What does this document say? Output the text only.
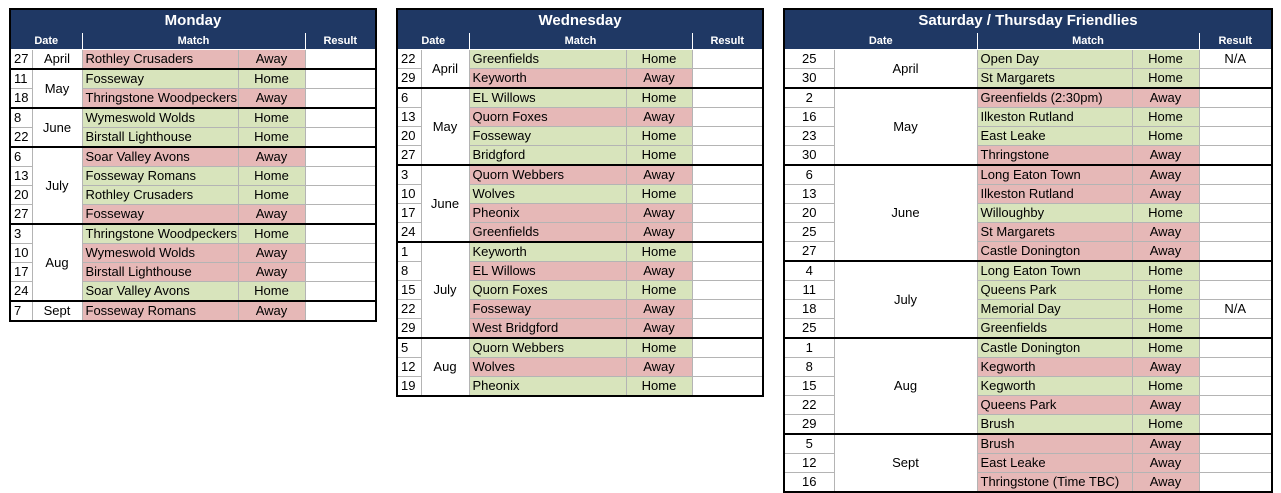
Monday				
Date		Match		Result
27	April	Rothley Crusaders	Away	
11	May	Fosseway	Home	
18		Thringstone Woodpeckers	Away	
8	June	Wymeswold Wolds	Home	
22		Birstall Lighthouse	Home	
6	July	Soar Valley Avons	Away	
13		Fosseway Romans	Home	
20		Rothley Crusaders	Home	
27		Fosseway	Away	
3	Aug	Thringstone Woodpeckers	Home	
10		Wymeswold Wolds	Away	
17		Birstall Lighthouse	Away	
24		Soar Valley Avons	Home	
7	Sept	Fosseway Romans	Away	
Wednesday				
Date		Match		Result
22	April	Greenfields	Home	
29		Keyworth	Away	
6	May	EL Willows	Home	
13		Quorn Foxes	Away	
20		Fosseway	Home	
27		Bridgford	Home	
3	June	Quorn Webbers	Away	
10		Wolves	Home	
17		Pheonix	Away	
24		Greenfields	Away	
1	July	Keyworth	Home	
8		EL Willows	Away	
15		Quorn Foxes	Home	
22		Fosseway	Away	
29		West Bridgford	Away	
5	Aug	Quorn Webbers	Home	
12		Wolves	Away	
19		Pheonix	Home	
Saturday / Thursday Friendlies				
Date		Match		Result
25	April	Open Day	Home	N/A
30		St Margarets	Home	
2	May	Greenfields (2:30pm)	Away	
16		Ilkeston Rutland	Home	
23		East Leake	Home	
30		Thringstone	Away	
6	June	Long Eaton Town	Away	
13		Ilkeston Rutland	Away	
20		Willoughby	Home	
25		St Margarets	Away	
27		Castle Donington	Away	
4	July	Long Eaton Town	Home	
11		Queens Park	Home	
18		Memorial Day	Home	N/A
25		Greenfields	Home	
1	Aug	Castle Donington	Home	
8		Kegworth	Away	
15		Kegworth	Home	
22		Queens Park	Away	
29		Brush	Home	
5	Sept	Brush	Away	
12		East Leake	Away	
16		Thringstone (Time TBC)	Away	
